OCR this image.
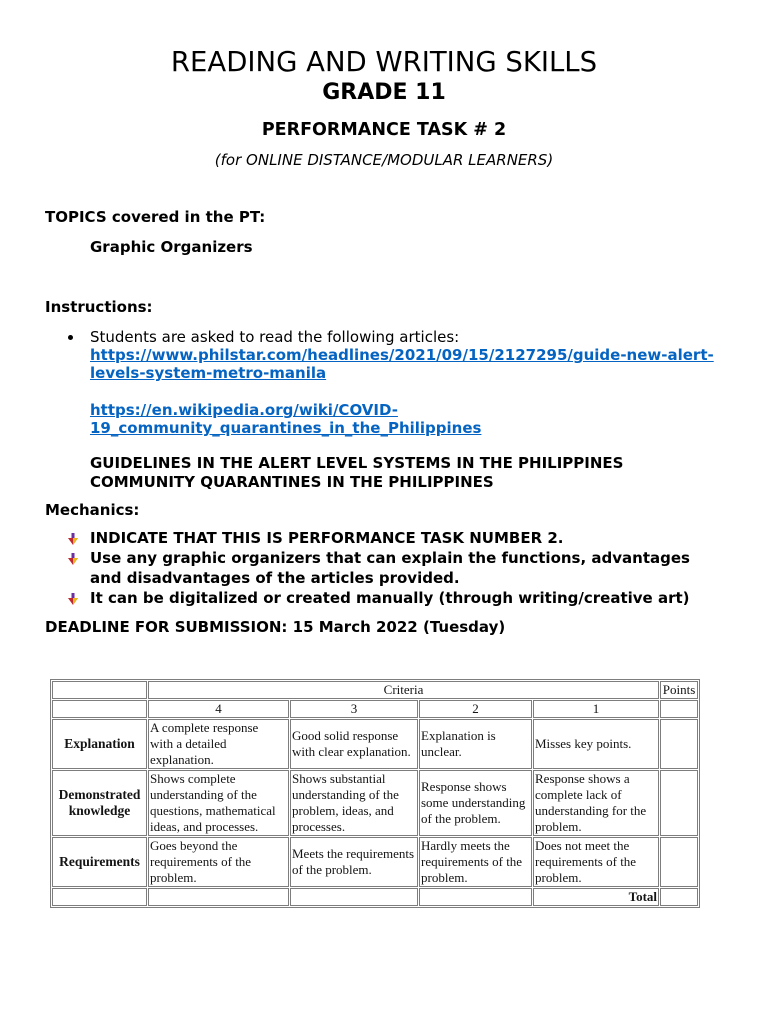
READING AND WRITING SKILLS
GRADE 11
PERFORMANCE TASK # 2
(for ONLINE DISTANCE/MODULAR LEARNERS)
TOPICS covered in the PT:
Graphic Organizers
Instructions:
Students are asked to read the following articles:
https://www.philstar.com/headlines/2021/09/15/2127295/guide-new-alert-
levels-system-metro-manila
https://en.wikipedia.org/wiki/COVID-
19_community_quarantines_in_the_Philippines
GUIDELINES IN THE ALERT LEVEL SYSTEMS IN THE PHILIPPINES
COMMUNITY QUARANTINES IN THE PHILIPPINES
Mechanics:
INDICATE THAT THIS IS PERFORMANCE TASK NUMBER 2.
Use any graphic organizers that can explain the functions, advantages and disadvantages of the articles provided.
It can be digitalized or created manually (through writing/creative art)
DEADLINE FOR SUBMISSION: 15 March 2022 (Tuesday)
	Criteria				Points
	4	3	2	1	
Explanation	A complete response
with a detailed
explanation.	Good solid response
with clear explanation.	Explanation is
unclear.	Misses key points.	
Demonstrated
knowledge	Shows complete
understanding of the
questions, mathematical
ideas, and processes.	Shows substantial
understanding of the
problem, ideas, and
processes.	Response shows
some understanding
of the problem.	Response shows a
complete lack of
understanding for the
problem.	
Requirements	Goes beyond the
requirements of the
problem.	Meets the requirements
of the problem.	Hardly meets the
requirements of the
problem.	Does not meet the
requirements of the
problem.	
				Total	
